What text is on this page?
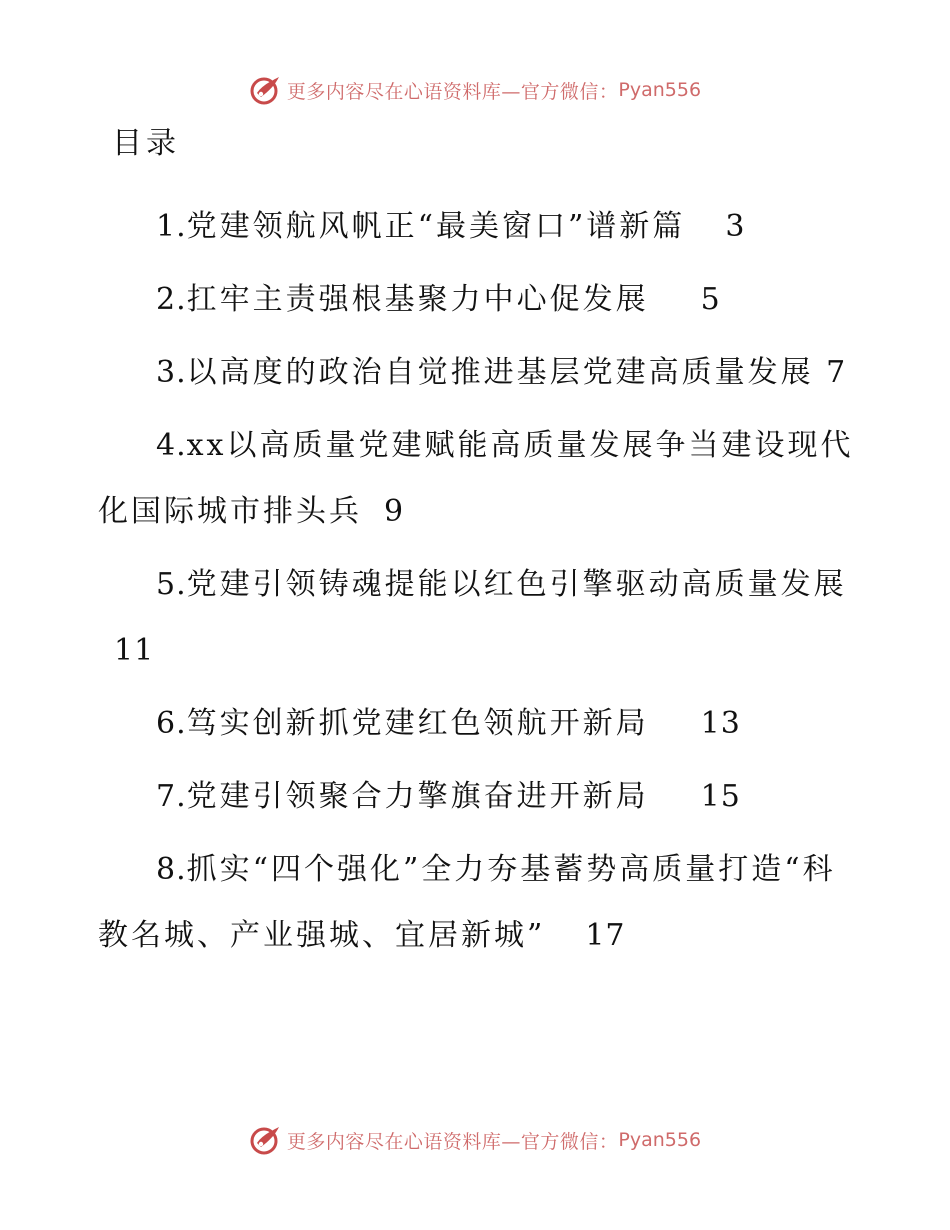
更多内容尽在心语资料库—官方微信： Pyan556
目录
1.党建领航风帆正“最美窗口”谱新篇 3
2.扛牢主责强根基聚力中心促发展 5
3.以高度的政治自觉推进基层党建高质量发展 7
4.xx以高质量党建赋能高质量发展争当建设现代化国际城市排头兵 9
5.党建引领铸魂提能以红色引擎驱动高质量发展11
6.笃实创新抓党建红色领航开新局 13
7.党建引领聚合力擎旗奋进开新局 15
8.抓实“四个强化”全力夯基蓄势高质量打造“科教名城、产业强城、宜居新城” 17
更多内容尽在心语资料库—官方微信： Pyan556
